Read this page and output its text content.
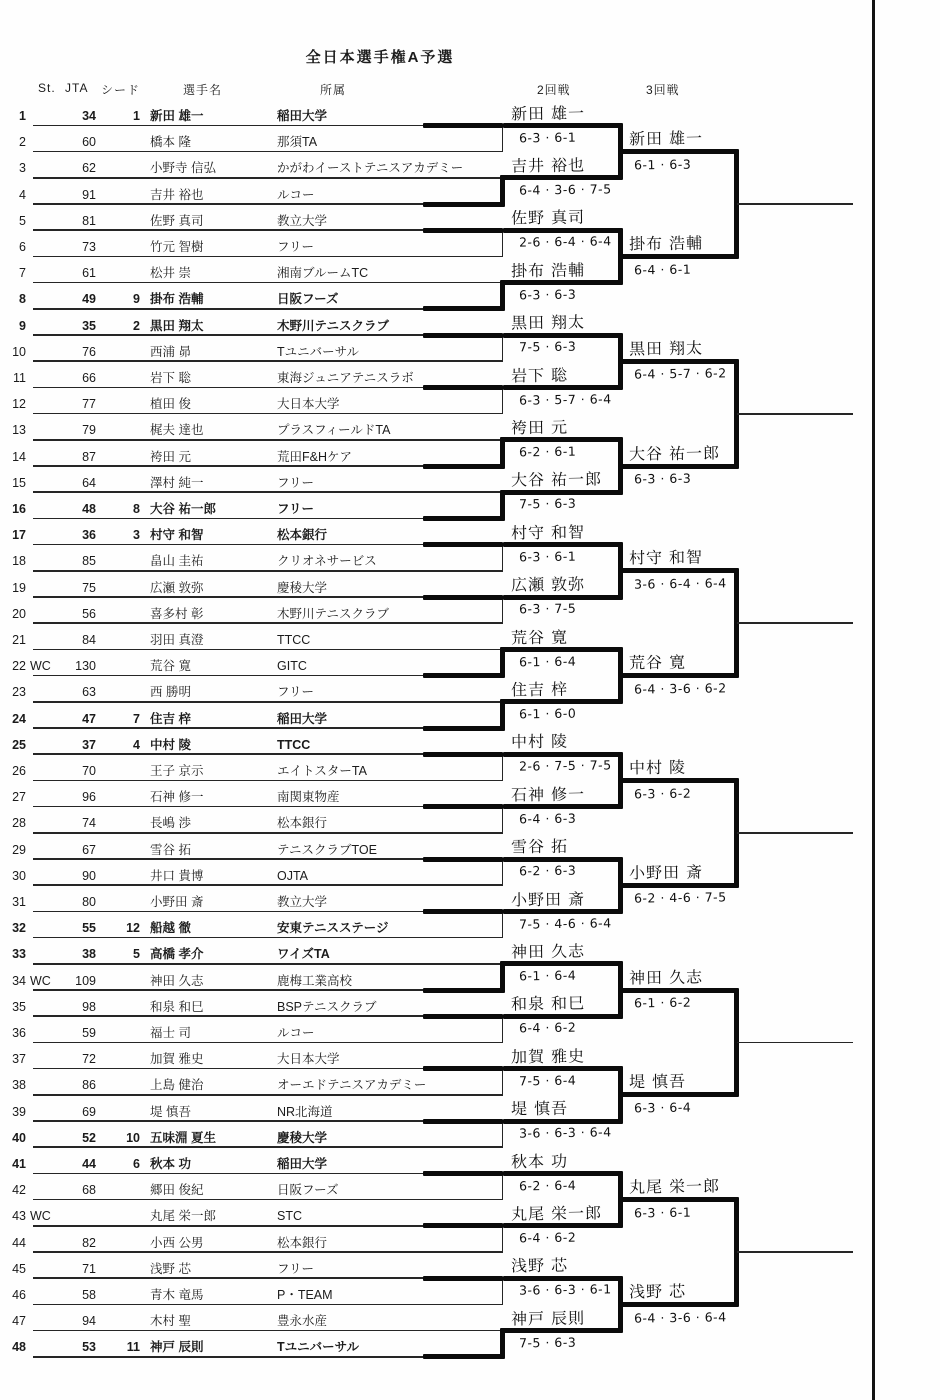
全日本選手権A予選
St. JTA シード	選手名	所属	2回戦	3回戦
1	34	1 新田 雄一	稲田大学
2	60	橋本 隆	那須TA
3	62	小野寺 信弘	かがわイーストテニスアカデミー
4	91	吉井 裕也	ルコー
5	81	佐野 真司	教立大学
6	73	竹元 智樹	フリー
7	61	松井 崇	湘南ブルームTC
8	49	9 掛布 浩輔	日阪フーズ
9	35	2 黒田 翔太	木野川テニスクラブ
10	76	西浦 昴	Tユニバーサル
11	66	岩下 聡	東海ジュニアテニスラボ
12	77	植田 俊	大日本大学
13	79	梶夫 達也	プラスフィールドTA
14	87	袴田 元	荒田F&Hケア
15	64	澤村 純一	フリー
16	48	8 大谷 祐一郎	フリー
17	36	3 村守 和智	松本銀行
18	85	畠山 圭祐	クリオネサービス
19	75	広瀬 敦弥	慶稜大学
20	56	喜多村 彰	木野川テニスクラブ
21	84	羽田 真澄	TTCC
22 WC	130	荒谷 寛	GITC
23	63	西 勝明	フリー
24	47	7 住吉 梓	稲田大学
25	37	4 中村 陵	TTCC
26	70	王子 京示	エイトスターTA
27	96	石神 修一	南関東物産
28	74	長嶋 渉	松本銀行
29	67	雪谷 拓	テニスクラブTOE
30	90	井口 貴博	OJTA
31	80	小野田 斎	教立大学
32	55	12 船越 徹	安東テニスステージ
33	38	5 高橋 孝介	ワイズTA
34 WC	109	神田 久志	鹿梅工業高校
35	98	和泉 和巳	BSPテニスクラブ
36	59	福士 司	ルコー
37	72	加賀 雅史	大日本大学
38	86	上島 健治	オーエドテニスアカデミー
39	69	堤 慎吾	NR北海道
40	52	10 五味淵 夏生	慶稜大学
41	44	6 秋本 功	稲田大学
42	68	郷田 俊紀	日阪フーズ
43 WC	丸尾 栄一郎	STC
44	82	小西 公男	松本銀行
45	71	浅野 芯	フリー
46	58	青木 竜馬	P・TEAM
47	94	木村 聖	豊永水産
48	53	11 神戸 辰則	Tユニバーサル
新田 雄一
6-3 · 6-1
吉井 裕也
6-4 · 3-6 · 7-5
佐野 真司
2-6 · 6-4 · 6-4
掛布 浩輔
6-3 · 6-3
黒田 翔太
7-5 · 6-3
岩下 聡
6-3 · 5-7 · 6-4
袴田 元
6-2 · 6-1
大谷 祐一郎
7-5 · 6-3
村守 和智
6-3 · 6-1
広瀬 敦弥
6-3 · 7-5
荒谷 寛
6-1 · 6-4
住吉 梓
6-1 · 6-0
中村 陵
2-6 · 7-5 · 7-5
石神 修一
6-4 · 6-3
雪谷 拓
6-2 · 6-3
小野田 斎
7-5 · 4-6 · 6-4
神田 久志
6-1 · 6-4
和泉 和巳
6-4 · 6-2
加賀 雅史
7-5 · 6-4
堤 慎吾
3-6 · 6-3 · 6-4
秋本 功
6-2 · 6-4
丸尾 栄一郎
6-4 · 6-2
浅野 芯
3-6 · 6-3 · 6-1
神戸 辰則
7-5 · 6-3
新田 雄一
6-1 · 6-3
掛布 浩輔
6-4 · 6-1
黒田 翔太
6-4 · 5-7 · 6-2
大谷 祐一郎
6-3 · 6-3
村守 和智
3-6 · 6-4 · 6-4
荒谷 寛
6-4 · 3-6 · 6-2
中村 陵
6-3 · 6-2
小野田 斎
6-2 · 4-6 · 7-5
神田 久志
6-1 · 6-2
堤 慎吾
6-3 · 6-4
丸尾 栄一郎
6-3 · 6-1
浅野 芯
6-4 · 3-6 · 6-4
